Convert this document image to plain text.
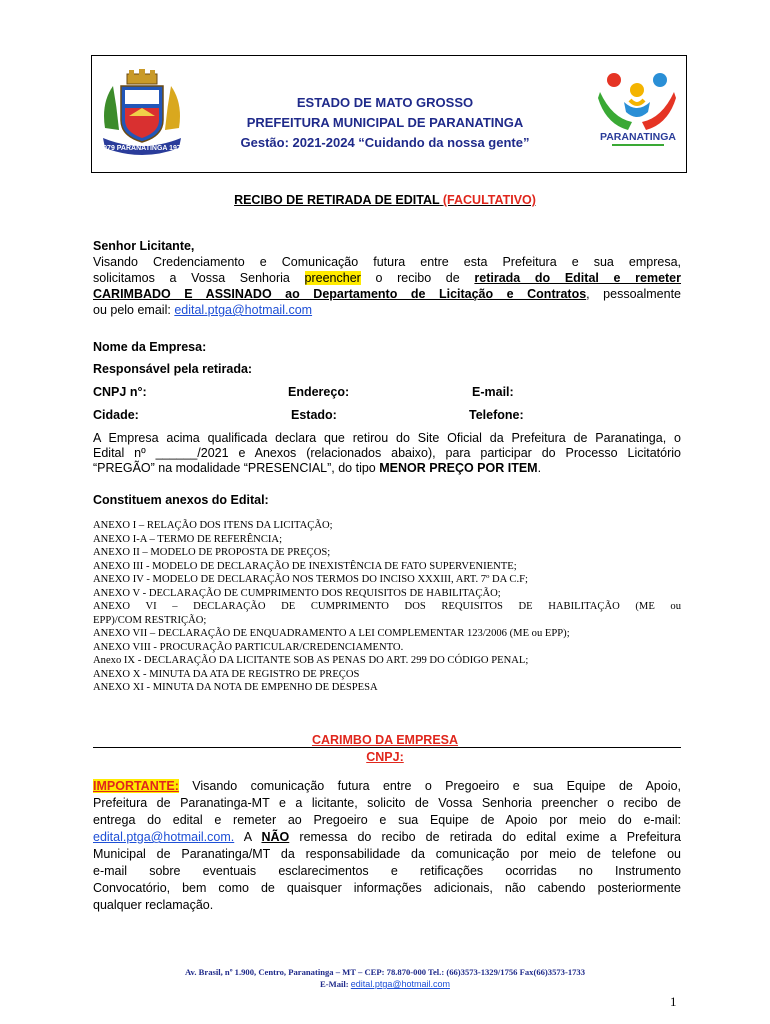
1979 PARANATINGA 1979
ESTADO DE MATO GROSSO
PREFEITURA MUNICIPAL DE PARANATINGA
Gestão: 2021-2024 “Cuidando da nossa gente”	PARANATINGA
RECIBO DE RETIRADA DE EDITAL (FACULTATIVO)
Senhor Licitante,
Visando Credenciamento e Comunicação futura entre esta Prefeitura e sua empresa,
solicitamos a Vossa Senhoria preencher o recibo de retirada do Edital e remeter
CARIMBADO E ASSINADO ao Departamento de Licitação e Contratos, pessoalmente
ou pelo email: edital.ptga@hotmail.com
Nome da Empresa:
Responsável pela retirada:
CNPJ n°:	Endereço:	E-mail:
Cidade:	Estado:	Telefone:
A Empresa acima qualificada declara que retirou do Site Oficial da Prefeitura de Paranatinga, o
Edital nº ______/2021 e Anexos (relacionados abaixo), para participar do Processo Licitatório
“PREGÃO” na modalidade “PRESENCIAL”, do tipo MENOR PREÇO POR ITEM.
Constituem anexos do Edital:
ANEXO I – RELAÇÃO DOS ITENS DA LICITAÇÃO;
ANEXO I-A – TERMO DE REFERÊNCIA;
ANEXO II – MODELO DE PROPOSTA DE PREÇOS;
ANEXO III - MODELO DE DECLARAÇÃO DE INEXISTÊNCIA DE FATO SUPERVENIENTE;
ANEXO IV - MODELO DE DECLARAÇÃO NOS TERMOS DO INCISO XXXIII, ART. 7º DA C.F;
ANEXO V - DECLARAÇÃO DE CUMPRIMENTO DOS REQUISITOS DE HABILITAÇÃO;
ANEXO VI – DECLARAÇÃO DE CUMPRIMENTO DOS REQUISITOS DE HABILITAÇÃO (ME ou
EPP)/COM RESTRIÇÃO;
ANEXO VII – DECLARAÇÃO DE ENQUADRAMENTO A LEI COMPLEMENTAR 123/2006 (ME ou EPP);
ANEXO VIII - PROCURAÇÃO PARTICULAR/CREDENCIAMENTO.
Anexo IX - DECLARAÇÃO DA LICITANTE SOB AS PENAS DO ART. 299 DO CÓDIGO PENAL;
ANEXO X - MINUTA DA ATA DE REGISTRO DE PREÇOS
ANEXO XI - MINUTA DA NOTA DE EMPENHO DE DESPESA
CARIMBO DA EMPRESA
CNPJ:
IMPORTANTE: Visando comunicação futura entre o Pregoeiro e sua Equipe de Apoio,
Prefeitura de Paranatinga-MT e a licitante, solicito de Vossa Senhoria preencher o recibo de
entrega do edital e remeter ao Pregoeiro e sua Equipe de Apoio por meio do e-mail:
edital.ptga@hotmail.com. A NÃO remessa do recibo de retirada do edital exime a Prefeitura
Municipal de Paranatinga/MT da responsabilidade da comunicação por meio de telefone ou
e-mail sobre eventuais esclarecimentos e retificações ocorridas no Instrumento
Convocatório, bem como de quaisquer informações adicionais, não cabendo posteriormente
qualquer reclamação.
Av. Brasil, nº 1.900, Centro, Paranatinga – MT – CEP: 78.870-000 Tel.: (66)3573-1329/1756 Fax(66)3573-1733
E-Mail: edital.ptga@hotmail.com
1
